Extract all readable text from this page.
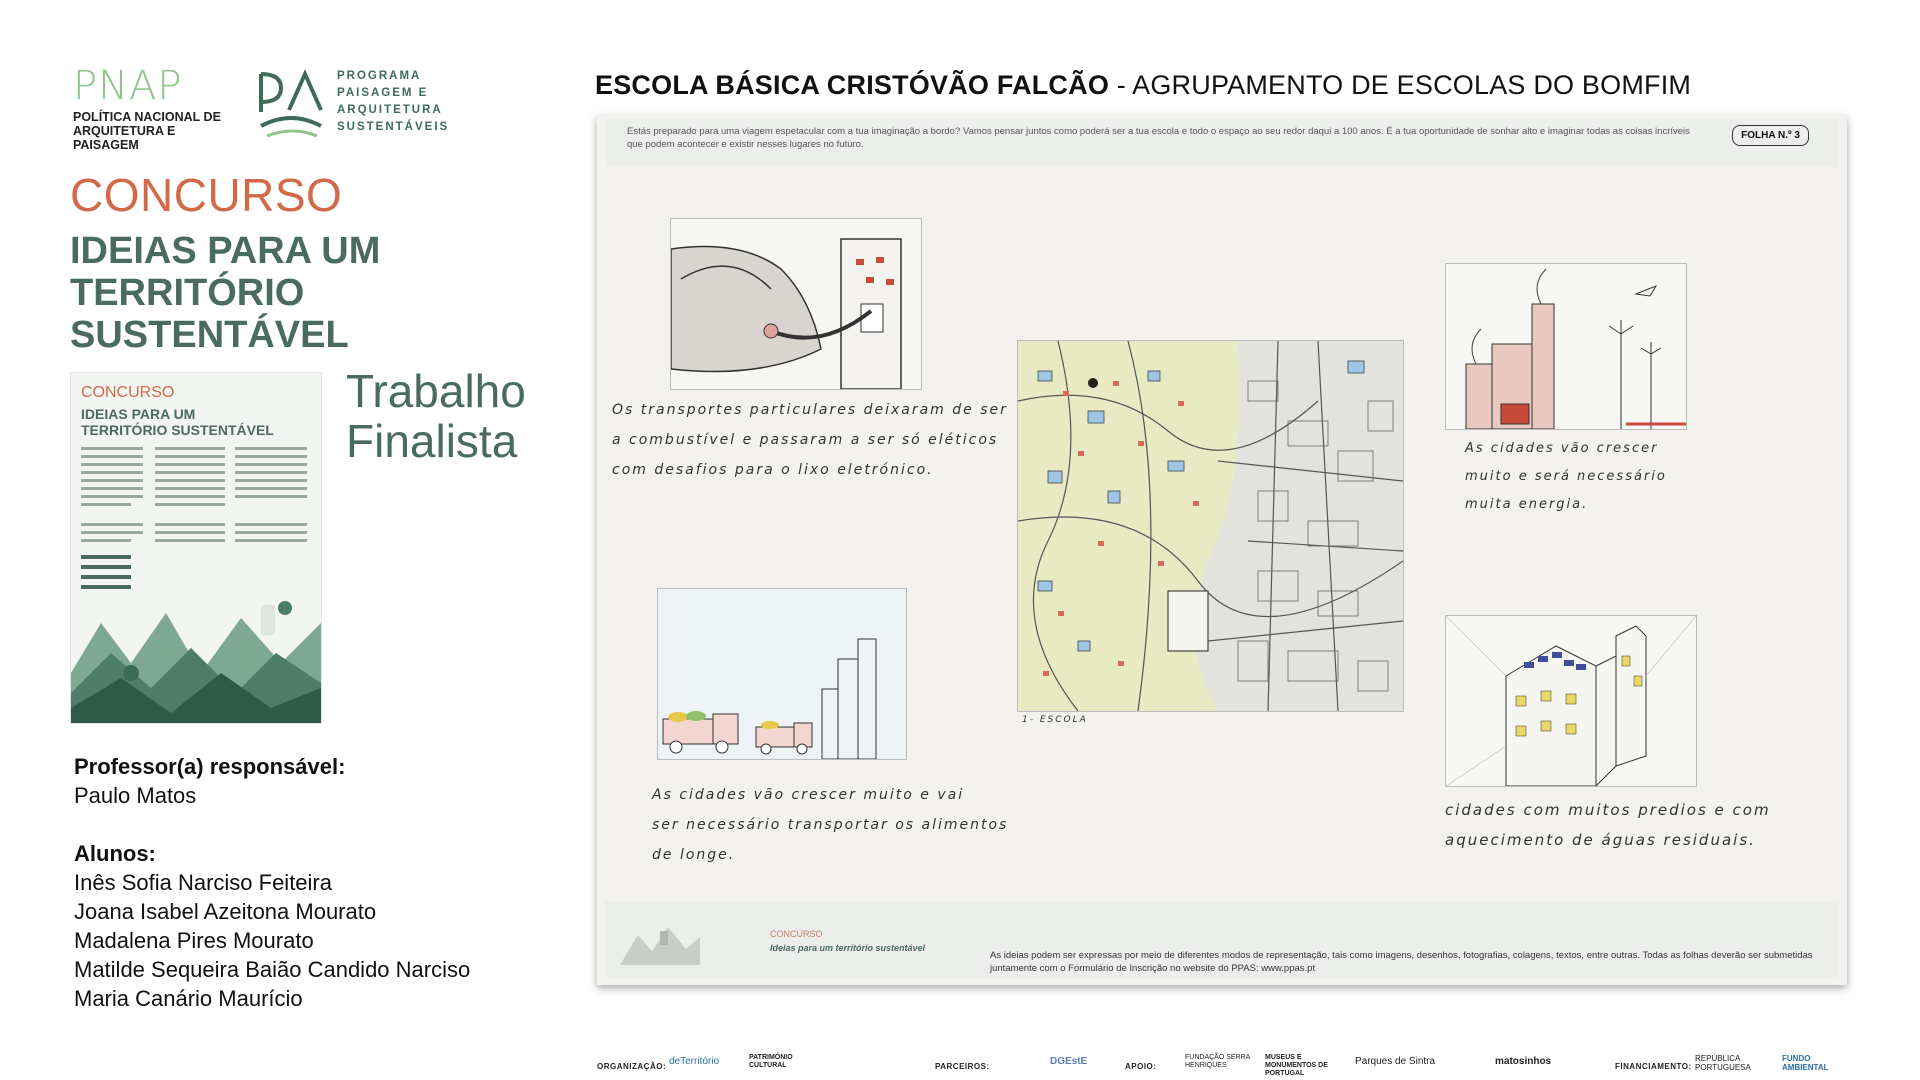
PNAP
POLÍTICA NACIONAL DE
ARQUITETURA E PAISAGEM
PROGRAMA
PAISAGEM E
ARQUITETURA
SUSTENTÁVEIS
CONCURSO
IDEIAS PARA UM
TERRITÓRIO
SUSTENTÁVEL
CONCURSO
IDEIAS PARA UM
TERRITÓRIO SUSTENTÁVEL
Trabalho
Finalista
Professor(a) responsável:
Paulo Matos
Alunos:
Inês Sofia Narciso Feiteira
Joana Isabel Azeitona Mourato
Madalena Pires Mourato
Matilde Sequeira Baião Candido Narciso
Maria Canário Maurício
ESCOLA BÁSICA CRISTÓVÃO FALCÃO - AGRUPAMENTO DE ESCOLAS DO BOMFIM

Estás preparado para uma viagem espetacular com a tua imaginação a bordo? Vamos pensar juntos como poderá ser a tua escola e todo o espaço ao seu redor daqui a 100 anos. É a tua oportunidade de sonhar alto e imaginar todas as coisas incríveis que podem acontecer e existir nesses lugares no futuro.

FOLHA N.º 3
Os transportes particulares deixaram de ser
a combustível e passaram a ser só eléticos
com desafios para o lixo eletrónico.
As cidades vão crescer muito e vai
ser necessário transportar os alimentos
de longe.
1- ESCOLA
As cidades vão crescer
muito e será necessário
muita energia.
cidades com muitos predios e com
aquecimento de águas residuais.
CONCURSO
Ideias para um território sustentável
As ideias podem ser expressas por meio de diferentes modos de representação, tais como imagens, desenhos, fotografias, colagens, textos, entre outras. Todas as folhas deverão ser submetidas juntamente com o Formulário de Inscrição no website do PPAS: www.ppas.pt
ORGANIZAÇÃO: deTerritório	PATRIMÓNIO CULTURAL	PARCEIROS:	DGEstE	APOIO:
FUNDAÇÃO SERRA HENRIQUES
MUSEUS E MONUMENTOS DE PORTUGAL
Parques de Sintra	matosinhos	FINANCIAMENTO:
REPÚBLICA PORTUGUESA
FUNDO AMBIENTAL
